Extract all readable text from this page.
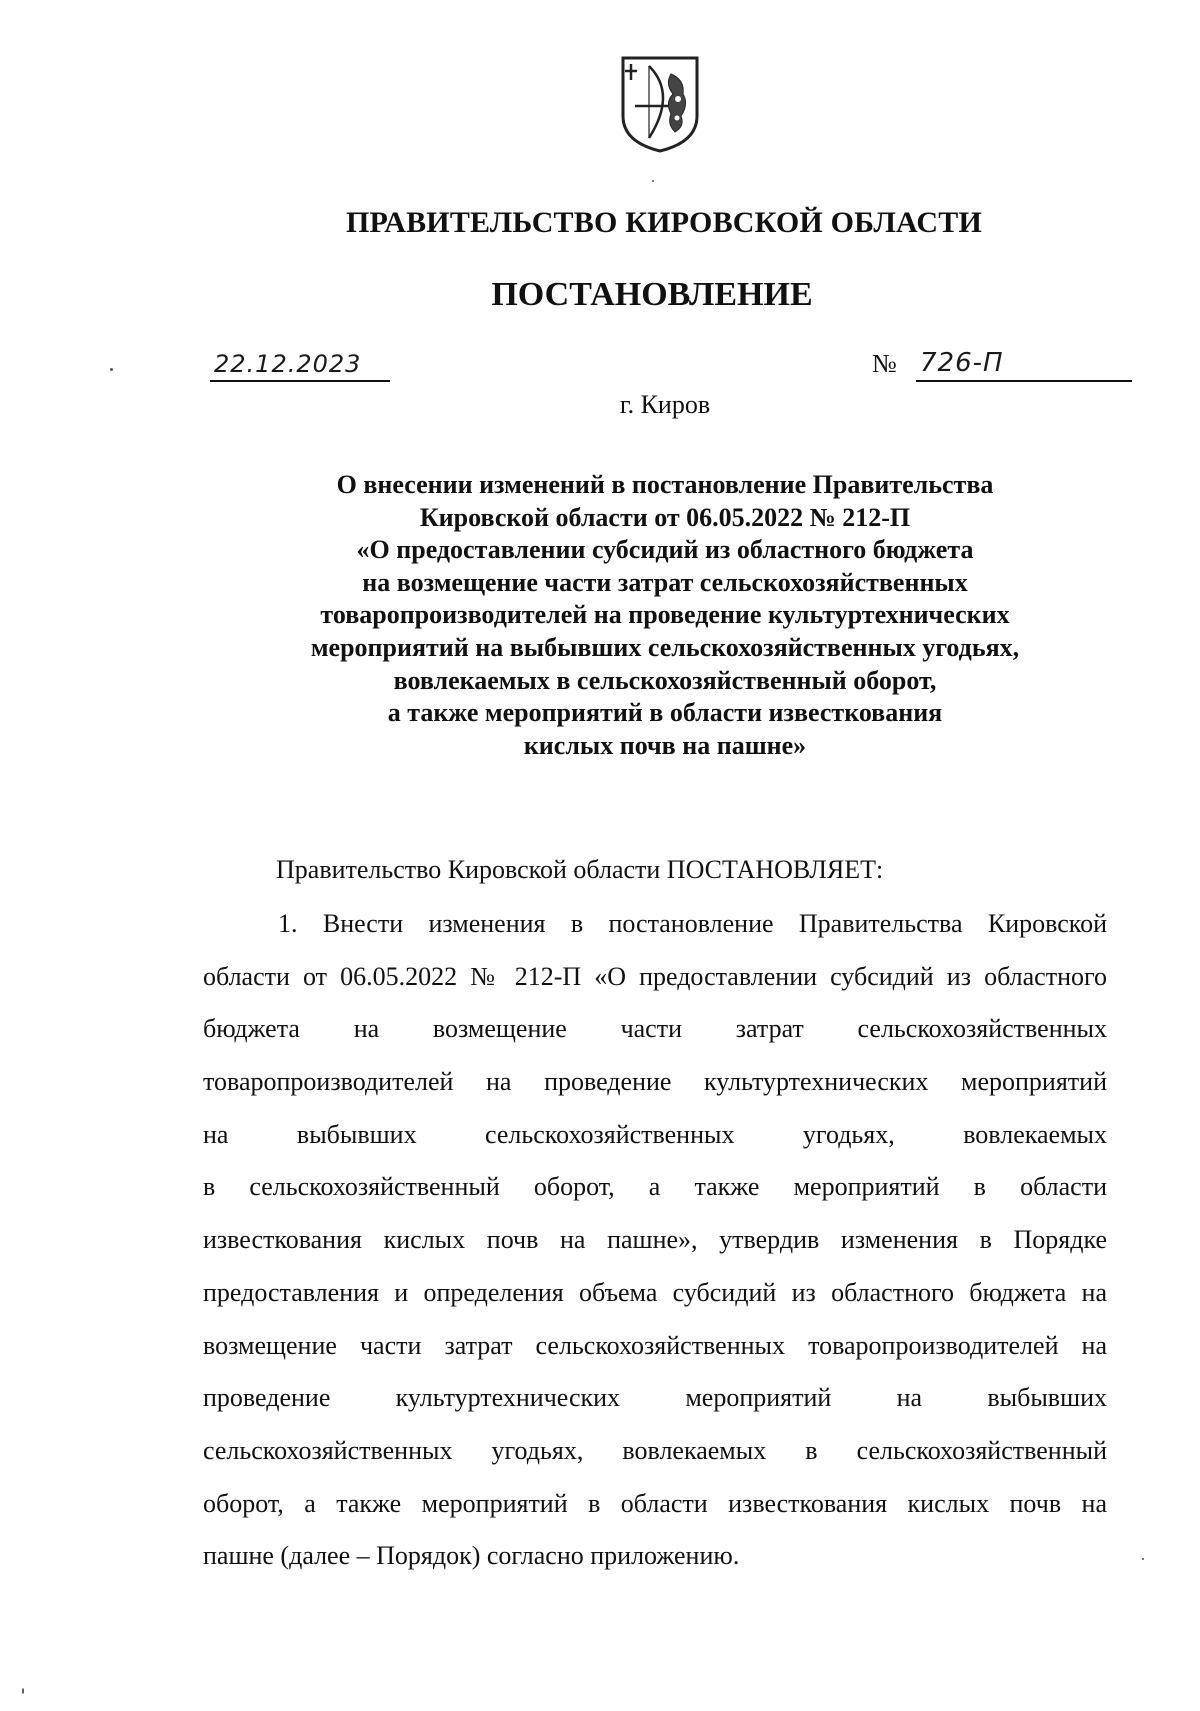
ПРАВИТЕЛЬСТВО КИРОВСКОЙ ОБЛАСТИ
ПОСТАНОВЛЕНИЕ
22.12.2023	№ 726-П
г. Киров
О внесении изменений в постановление Правительства
Кировской области от 06.05.2022 № 212-П
«О предоставлении субсидий из областного бюджета
на возмещение части затрат сельскохозяйственных
товаропроизводителей на проведение культуртехнических
мероприятий на выбывших сельскохозяйственных угодьях,
вовлекаемых в сельскохозяйственный оборот,
а также мероприятий в области известкования
кислых почв на пашне»
Правительство Кировской области ПОСТАНОВЛЯЕТ:
1. Внести изменения в постановление Правительства Кировской
области от 06.05.2022 № 212-П «О предоставлении субсидий из областного
бюджета на возмещение части затрат сельскохозяйственных
товаропроизводителей на проведение культуртехнических мероприятий
на выбывших сельскохозяйственных угодьях, вовлекаемых
в сельскохозяйственный оборот, а также мероприятий в области
известкования кислых почв на пашне», утвердив изменения в Порядке
предоставления и определения объема субсидий из областного бюджета на
возмещение части затрат сельскохозяйственных товаропроизводителей на
проведение культуртехнических мероприятий на выбывших
сельскохозяйственных угодьях, вовлекаемых в сельскохозяйственный
оборот, а также мероприятий в области известкования кислых почв на
пашне (далее – Порядок) согласно приложению.
